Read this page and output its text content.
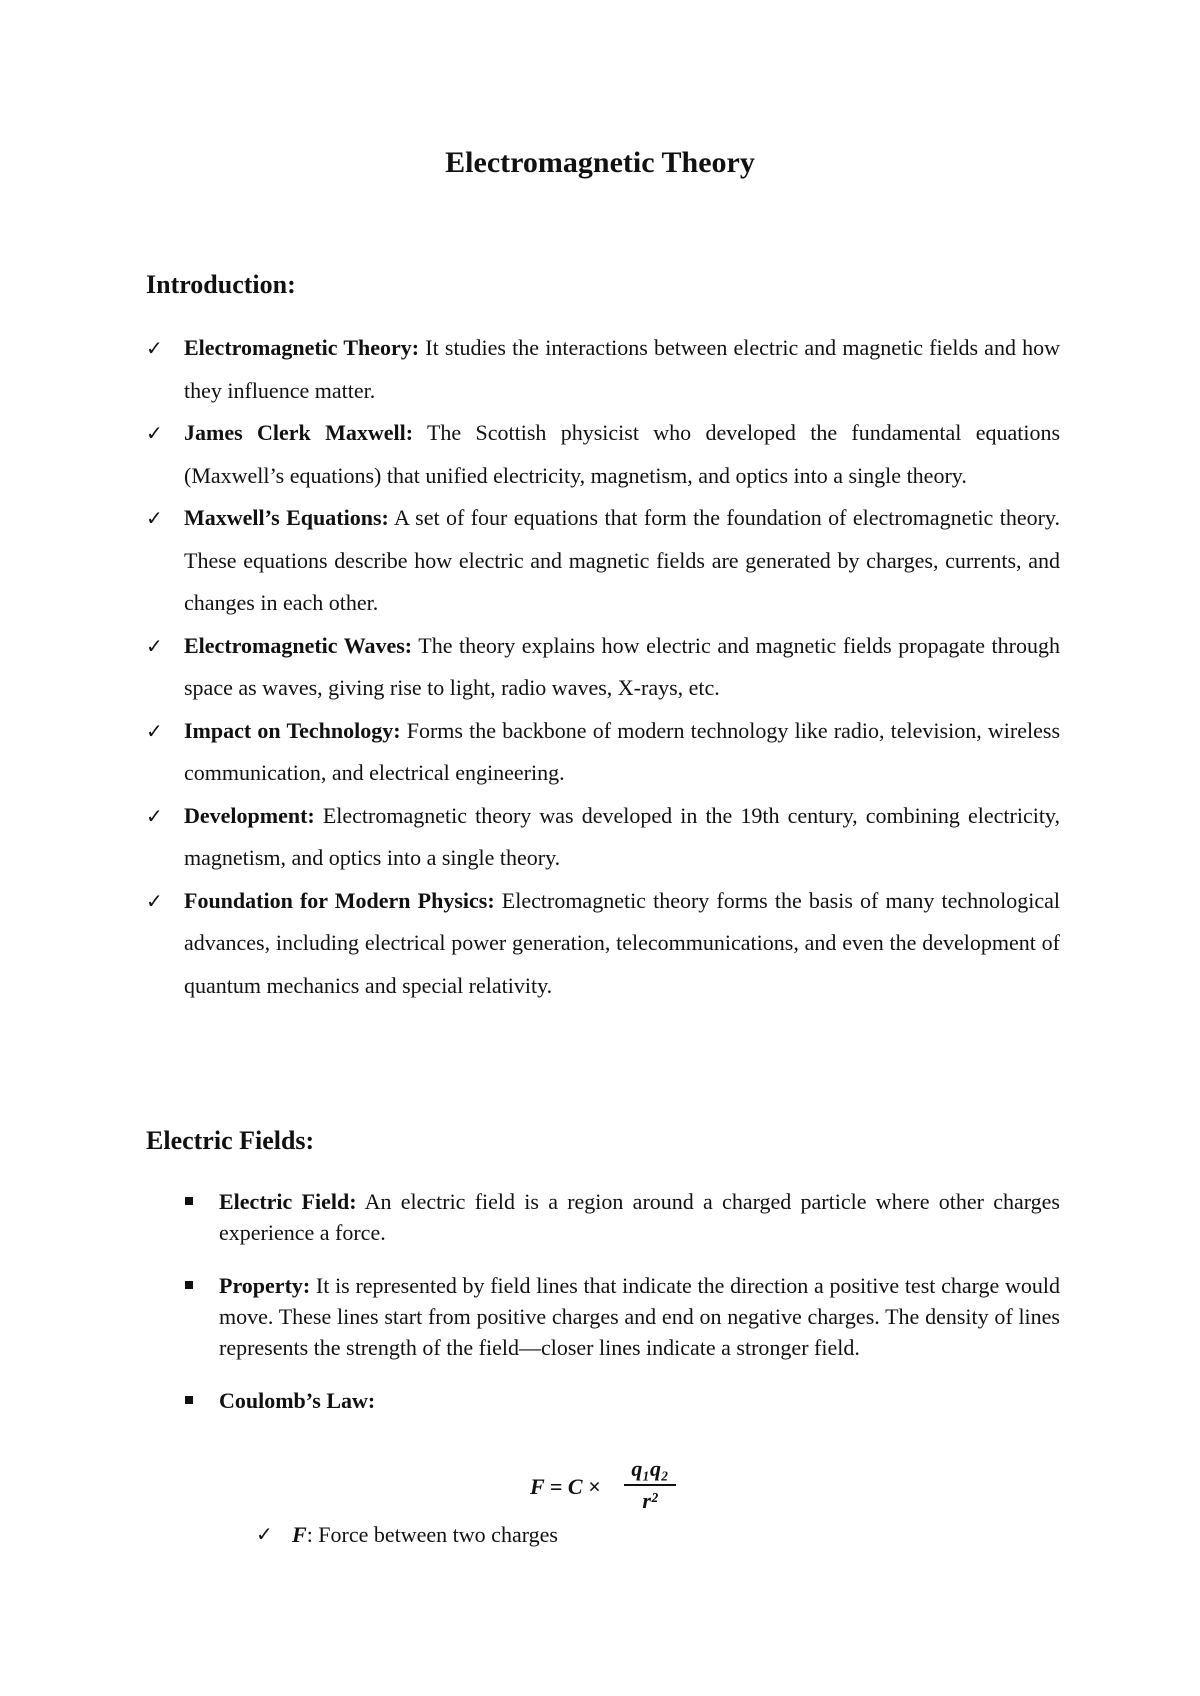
Electromagnetic Theory
Introduction:
✓ Electromagnetic Theory: It studies the interactions between electric and magnetic fields and how they influence matter.
✓ James Clerk Maxwell: The Scottish physicist who developed the fundamental equations (Maxwell’s equations) that unified electricity, magnetism, and optics into a single theory.
✓ Maxwell’s Equations: A set of four equations that form the foundation of electromagnetic theory. These equations describe how electric and magnetic fields are generated by charges, currents, and changes in each other.
✓ Electromagnetic Waves: The theory explains how electric and magnetic fields propagate through space as waves, giving rise to light, radio waves, X-rays, etc.
✓ Impact on Technology: Forms the backbone of modern technology like radio, television, wireless communication, and electrical engineering.
✓ Development: Electromagnetic theory was developed in the 19th century, combining electricity, magnetism, and optics into a single theory.
✓ Foundation for Modern Physics: Electromagnetic theory forms the basis of many technological advances, including electrical power generation, telecommunications, and even the development of quantum mechanics and special relativity.
Electric Fields:
Electric Field: An electric field is a region around a charged particle where other charges experience a force.
Property: It is represented by field lines that indicate the direction a positive test charge would move. These lines start from positive charges and end on negative charges. The density of lines represents the strength of the field—closer lines indicate a stronger field.
Coulomb’s Law:
F = C ×
q₁q₂
r²
✓ F: Force between two charges
